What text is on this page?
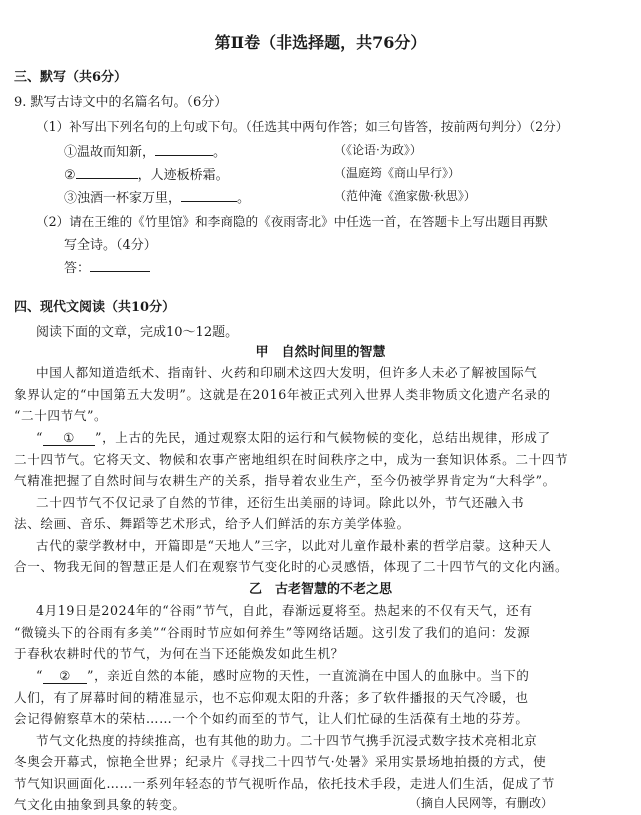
第Ⅱ卷（非选择题，共76分）
三、默写（共6分）
9. 默写古诗文中的名篇名句。（6分）
（1）补写出下列名句的上句或下句。（任选其中两句作答；如三句皆答，按前两句判分）（2分）
①温故而知新，	。	（《论语·为政》）
②	，人迹板桥霜。	（温庭筠《商山早行》）
③浊酒一杯家万里，	。	（范仲淹《渔家傲·秋思》）
（2）请在王维的《竹里馆》和李商隐的《夜雨寄北》中任选一首，在答题卡上写出题目再默
写全诗。（4分）
答：
四、现代文阅读（共10分）
阅读下面的文章，完成10～12题。
甲　自然时间里的智慧
中国人都知道造纸术、指南针、火药和印刷术这四大发明，但许多人未必了解被国际气
象界认定的“中国第五大发明”。这就是在2016年被正式列入世界人类非物质文化遗产名录的
“二十四节气”。
“ ① ”，上古的先民，通过观察太阳的运行和气候物候的变化，总结出规律，形成了
二十四节气。它将天文、物候和农事产密地组织在时间秩序之中，成为一套知识体系。二十四节
气精准把握了自然时间与农耕生产的关系，指导着农业生产，至今仍被学界肯定为“大科学”。
二十四节气不仅记录了自然的节律，还衍生出美丽的诗词。除此以外，节气还融入书
法、绘画、音乐、舞蹈等艺术形式，给予人们鲜活的东方美学体验。
古代的蒙学教材中，开篇即是“天地人”三字，以此对儿童作最朴素的哲学启蒙。这种天人
合一、物我无间的智慧正是人们在观察节气变化时的心灵感悟，体现了二十四节气的文化内涵。
乙　古老智慧的不老之思
4月19日是2024年的“谷雨”节气，自此，春渐远夏将至。热起来的不仅有天气，还有
“微镜头下的谷雨有多美”“谷雨时节应如何养生”等网络话题。这引发了我们的追问：发源
于春秋农耕时代的节气，为何在当下还能焕发如此生机？
“ ② ”，亲近自然的本能，感时应物的天性，一直流淌在中国人的血脉中。当下的
人们，有了屏幕时间的精准显示，也不忘仰观太阳的升落；多了软件播报的天气冷暖，也
会记得俯察草木的荣枯……一个个如约而至的节气，让人们忙碌的生活葆有土地的芬芳。
节气文化热度的持续推高，也有其他的助力。二十四节气携手沉浸式数字技术亮相北京
冬奥会开幕式，惊艳全世界；纪录片《寻找二十四节气·处暑》采用实景场地拍摄的方式，使
节气知识画面化……一系列年轻态的节气视听作品，依托技术手段，走进人们生活，促成了节
气文化由抽象到具象的转变。	（摘自人民网等，有删改）
